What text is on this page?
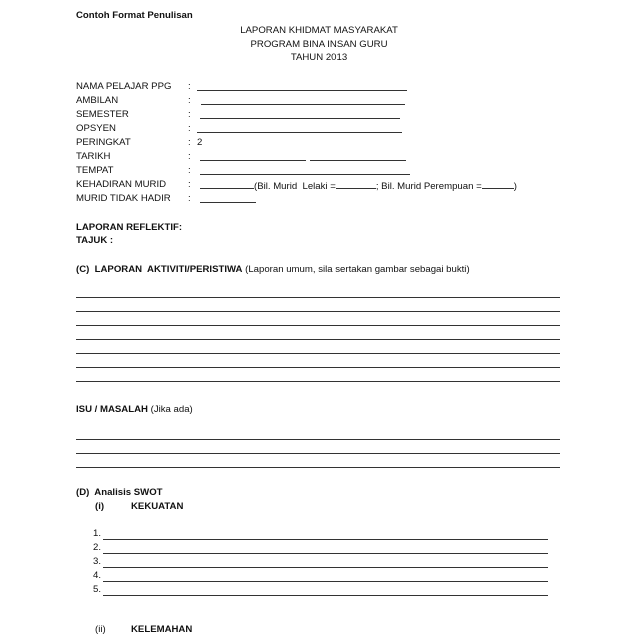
Contoh Format Penulisan
LAPORAN KHIDMAT MASYARAKAT
PROGRAM BINA INSAN GURU
TAHUN 2013
NAMA PELAJAR PPG :
AMBILAN	:
SEMESTER	:
OPSYEN	:
PERINGKAT	: 2
TARIKH	:
TEMPAT	:
KEHADIRAN MURID :	(Bil. Murid  Lelaki =	; Bil. Murid Perempuan =	)
MURID TIDAK HADIR :
LAPORAN REFLEKTIF:
TAJUK :
(C)  LAPORAN  AKTIVITI/PERISTIWA (Laporan umum, sila sertakan gambar sebagai bukti)
ISU / MASALAH (Jika ada)
(D)  Analisis SWOT
(i)	KEKUATAN
1.
2.
3.
4.
5.
(ii)	KELEMAHAN
